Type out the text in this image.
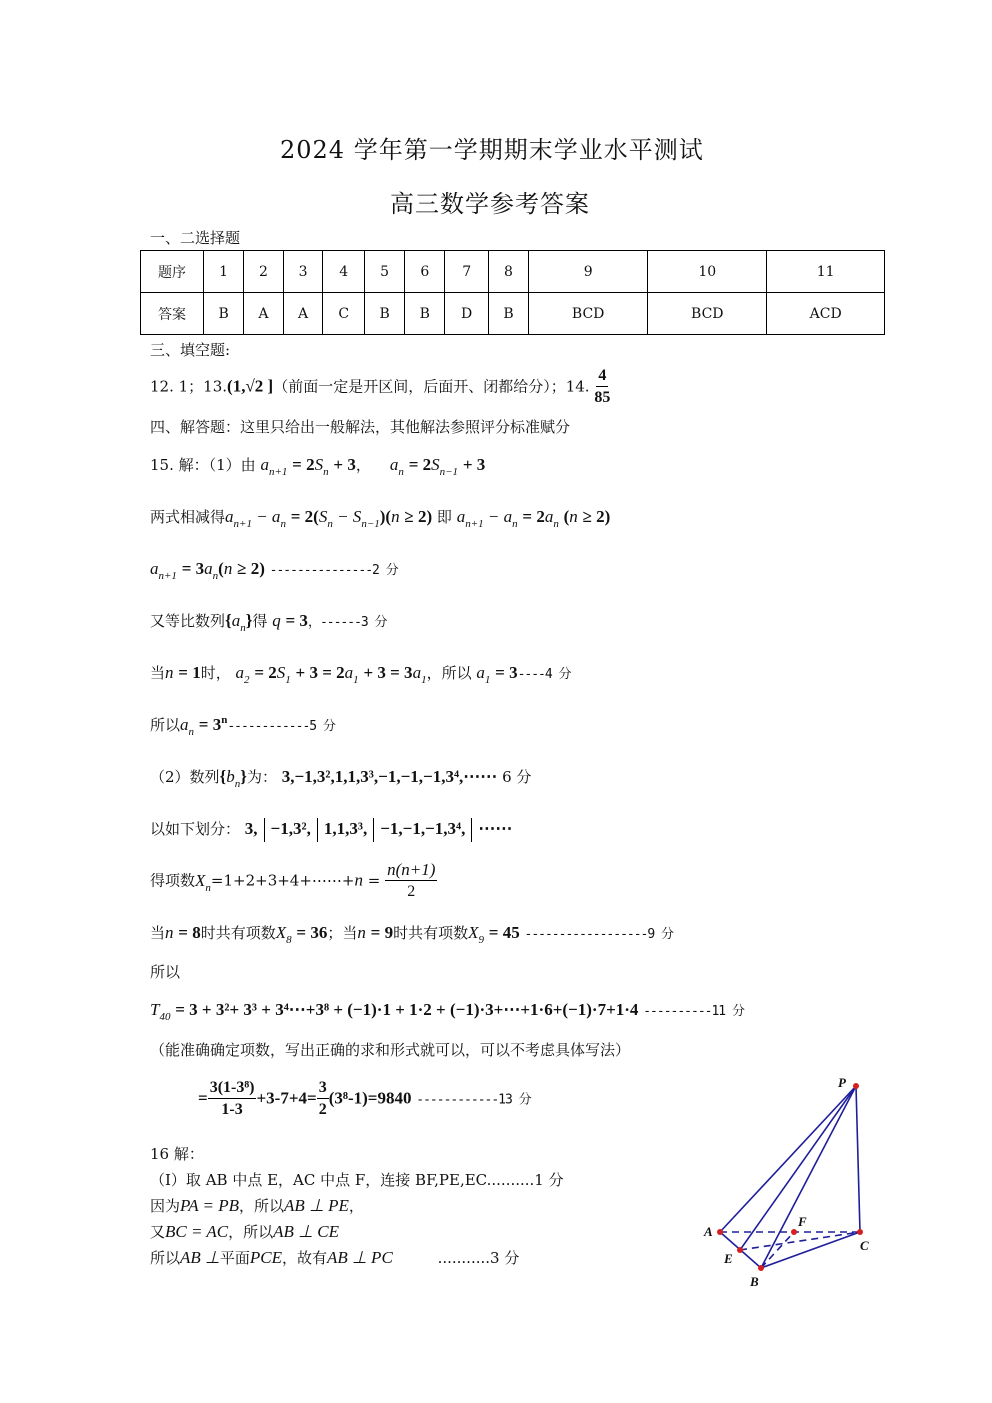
2024 学年第一学期期末学业水平测试
高三数学参考答案
一、二选择题
题序	1	2	3	4	5	6	7	8	9	10	11
答案	B	A	A	C	B	B	D	B	BCD	BCD	ACD
三、填空题:
12. 1；13.(1,√2 ]（前面一定是开区间，后面开、闭都给分）；14. $\frac{4}{85}$
四、解答题：这里只给出一般解法，其他解法参照评分标准赋分
15. 解：（1）由 $a_{n+1} = 2S_n + 3$，    $a_n = 2S_{n-1} + 3$
两式相减得$a_{n+1} - a_n = 2(S_n - S_{n-1})(n \ge 2)$ 即 $a_{n+1} - a_n = 2a_n$ (n ≥ 2)
$a_{n+1} = 3a_n(n \ge 2)$ ---------------2 分
又等比数列$\{a_n\}$得 q = 3，------3 分
当n = 1时， $a_2 = 2S_1 + 3 = 2a_1 + 3 = 3a_1$，所以 $a_1 = 3----4$ 分
所以$a_n = 3^n------------5$ 分
（2）数列$\{b_n\}$为： 3,−1,3²,1,1,3³,−1,−1,−1,3⁴,⋯⋯ 6 分
以如下划分： 3, −1,3², 1,1,3³, −1,−1,−1,3⁴, ⋯⋯
得项数$X_n=1+2+3+4+\cdots\cdots+n = \frac{n(n+1)}{2}$
当n = 8时共有项数$X_8 = 36$；当n = 9时共有项数$X_9 = 45$ ------------------9 分
所以
$T_{40} = 3 + 3^2+ 3^3$ + 3⁴⋯+3⁸ + (−1)·1 + 1·2 + (−1)·3+⋯+1·6+(−1)·7+1·4 ----------11 分
（能准确确定项数，写出正确的求和形式就可以，可以不考虑具体写法）
= $\frac{\text{3(1-3⁸)}}{1-3} +3-7+4= \frac{3}{2} (3^8-1)=9840$ ------------13 分
16 解：
（Ⅰ）取 AB 中点 E，AC 中点 F，连接 BF,PE,EC..........1 分
因为PA = PB，所以AB ⊥ PE，
又BC = AC，所以AB ⊥ CE
所以AB ⊥平面PCE，故有AB ⊥ PC	...........3 分
P
A
F
C
E
B
